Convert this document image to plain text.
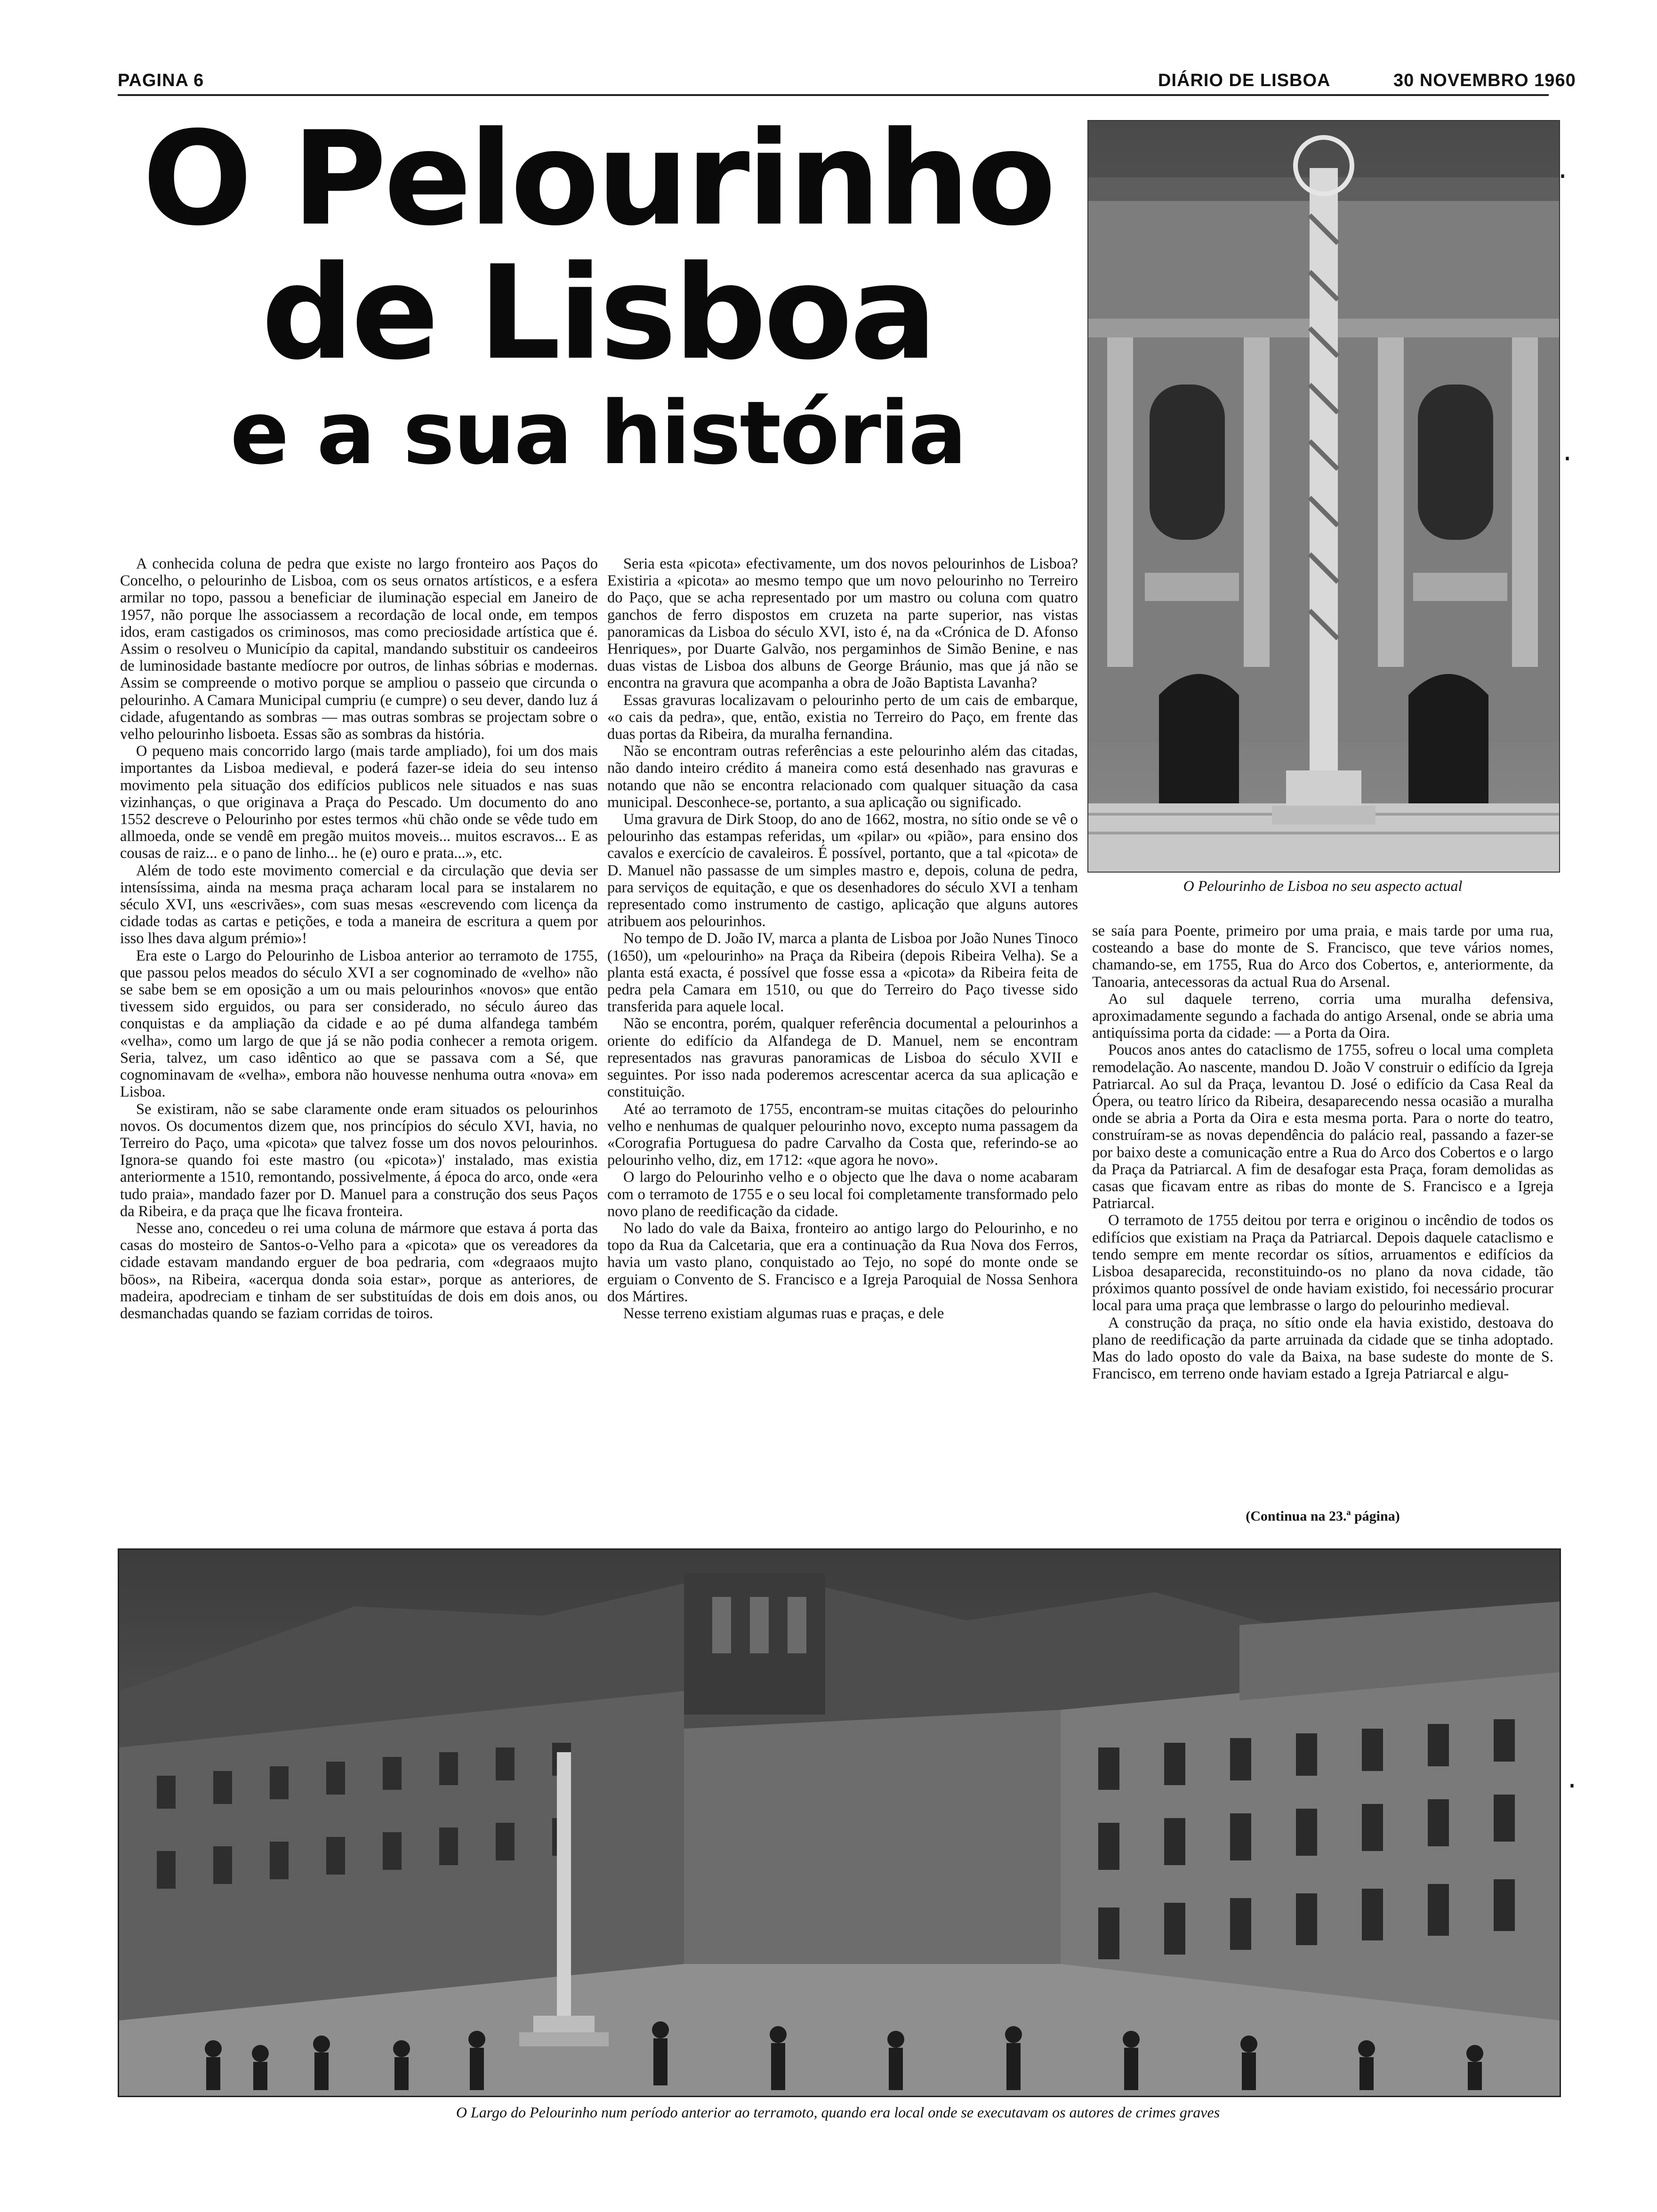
PAGINA 6	DIÁRIO DE LISBOA	30 NOVEMBRO 1960
O Pelourinho
de Lisboa
e a sua história
O Pelourinho de Lisboa no seu aspecto actual

A conhecida coluna de pedra que existe no largo fronteiro aos Paços do Concelho, o pelourinho de Lisboa, com os seus ornatos artísticos, e a esfera armilar no topo, passou a beneficiar de iluminação especial em Janeiro de 1957, não porque lhe associassem a recordação de local onde, em tempos idos, eram castigados os criminosos, mas como preciosidade artística que é. Assim o resolveu o Município da capital, mandando substituir os candeeiros de luminosidade bastante medíocre por outros, de linhas sóbrias e modernas. Assim se compreende o motivo porque se ampliou o passeio que circunda o pelourinho. A Camara Municipal cumpriu (e cumpre) o seu dever, dando luz á cidade, afugentando as sombras — mas outras sombras se projectam sobre o velho pelourinho lisboeta. Essas são as sombras da história.

O pequeno mais concorrido largo (mais tarde ampliado), foi um dos mais importantes da Lisboa medieval, e poderá fazer-se ideia do seu intenso movimento pela situação dos edifícios publicos nele situados e nas suas vizinhanças, o que originava a Praça do Pescado. Um documento do ano 1552 descreve o Pelourinho por estes termos «hü chão onde se vêde tudo em allmoeda, onde se vendê em pregão muitos moveis... muitos escravos... E as cousas de raiz... e o pano de linho... he (e) ouro e prata...», etc.

Além de todo este movimento comercial e da circulação que devia ser intensíssima, ainda na mesma praça acharam local para se instalarem no século XVI, uns «escrivães», com suas mesas «escrevendo com licença da cidade todas as cartas e petições, e toda a maneira de escritura a quem por isso lhes dava algum prémio»!

Era este o Largo do Pelourinho de Lisboa anterior ao terramoto de 1755, que passou pelos meados do século XVI a ser cognominado de «velho» não se sabe bem se em oposição a um ou mais pelourinhos «novos» que então tivessem sido erguidos, ou para ser considerado, no século áureo das conquistas e da ampliação da cidade e ao pé duma alfandega também «velha», como um largo de que já se não podia conhecer a remota origem. Seria, talvez, um caso idêntico ao que se passava com a Sé, que cognominavam de «velha», embora não houvesse nenhuma outra «nova» em Lisboa.

Se existiram, não se sabe claramente onde eram situados os pelourinhos novos. Os documentos dizem que, nos princípios do século XVI, havia, no Terreiro do Paço, uma «picota» que talvez fosse um dos novos pelourinhos. Ignora-se quando foi este mastro (ou «picota»)' instalado, mas existia anteriormente a 1510, remontando, possivelmente, á época do arco, onde «era tudo praia», mandado fazer por D. Manuel para a construção dos seus Paços da Ribeira, e da praça que lhe ficava fronteira.

Nesse ano, concedeu o rei uma coluna de mármore que estava á porta das casas do mosteiro de Santos-o-Velho para a «picota» que os vereadores da cidade estavam mandando erguer de boa pedraria, com «degraaos mujto bōos», na Ribeira, «acerqua donda soia estar», porque as anteriores, de madeira, apodreciam e tinham de ser substituídas de dois em dois anos, ou desmanchadas quando se faziam corridas de toiros.

Seria esta «picota» efectivamente, um dos novos pelourinhos de Lisboa? Existiria a «picota» ao mesmo tempo que um novo pelourinho no Terreiro do Paço, que se acha representado por um mastro ou coluna com quatro ganchos de ferro dispostos em cruzeta na parte superior, nas vistas panoramicas da Lisboa do século XVI, isto é, na da «Crónica de D. Afonso Henriques», por Duarte Galvão, nos pergaminhos de Simão Benine, e nas duas vistas de Lisboa dos albuns de George Bráunio, mas que já não se encontra na gravura que acompanha a obra de João Baptista Lavanha?

Essas gravuras localizavam o pelourinho perto de um cais de embarque, «o cais da pedra», que, então, existia no Terreiro do Paço, em frente das duas portas da Ribeira, da muralha fernandina.

Não se encontram outras referências a este pelourinho além das citadas, não dando inteiro crédito á maneira como está desenhado nas gravuras e notando que não se encontra relacionado com qualquer situação da casa municipal. Desconhece-se, portanto, a sua aplicação ou significado.

Uma gravura de Dirk Stoop, do ano de 1662, mostra, no sítio onde se vê o pelourinho das estampas referidas, um «pilar» ou «pião», para ensino dos cavalos e exercício de cavaleiros. É possível, portanto, que a tal «picota» de D. Manuel não passasse de um simples mastro e, depois, coluna de pedra, para serviços de equitação, e que os desenhadores do século XVI a tenham representado como instrumento de castigo, aplicação que alguns autores atribuem aos pelourinhos.

No tempo de D. João IV, marca a planta de Lisboa por João Nunes Tinoco (1650), um «pelourinho» na Praça da Ribeira (depois Ribeira Velha). Se a planta está exacta, é possível que fosse essa a «picota» da Ribeira feita de pedra pela Camara em 1510, ou que do Terreiro do Paço tivesse sido transferida para aquele local.

Não se encontra, porém, qualquer referência documental a pelourinhos a oriente do edifício da Alfandega de D. Manuel, nem se encontram representados nas gravuras panoramicas de Lisboa do século XVII e seguintes. Por isso nada poderemos acrescentar acerca da sua aplicação e constituição.

Até ao terramoto de 1755, encontram-se muitas citações do pelourinho velho e nenhumas de qualquer pelourinho novo, excepto numa passagem da «Corografia Portuguesa do padre Carvalho da Costa que, referindo-se ao pelourinho velho, diz, em 1712: «que agora he novo».

O largo do Pelourinho velho e o objecto que lhe dava o nome acabaram com o terramoto de 1755 e o seu local foi completamente transformado pelo novo plano de reedificação da cidade.

No lado do vale da Baixa, fronteiro ao antigo largo do Pelourinho, e no topo da Rua da Calcetaria, que era a continuação da Rua Nova dos Ferros, havia um vasto plano, conquistado ao Tejo, no sopé do monte onde se erguiam o Convento de S. Francisco e a Igreja Paroquial de Nossa Senhora dos Mártires.

Nesse terreno existiam algumas ruas e praças, e dele

se saía para Poente, primeiro por uma praia, e mais tarde por uma rua, costeando a base do monte de S. Francisco, que teve vários nomes, chamando-se, em 1755, Rua do Arco dos Cobertos, e, anteriormente, da Tanoaria, antecessoras da actual Rua do Arsenal.

Ao sul daquele terreno, corria uma muralha defensiva, aproximadamente segundo a fachada do antigo Arsenal, onde se abria uma antiquíssima porta da cidade: — a Porta da Oira.

Poucos anos antes do cataclismo de 1755, sofreu o local uma completa remodelação. Ao nascente, mandou D. João V construir o edifício da Igreja Patriarcal. Ao sul da Praça, levantou D. José o edifício da Casa Real da Ópera, ou teatro lírico da Ribeira, desaparecendo nessa ocasião a muralha onde se abria a Porta da Oira e esta mesma porta. Para o norte do teatro, construíram-se as novas dependência do palácio real, passando a fazer-se por baixo deste a comunicação entre a Rua do Arco dos Cobertos e o largo da Praça da Patriarcal. A fim de desafogar esta Praça, foram demolidas as casas que ficavam entre as ribas do monte de S. Francisco e a Igreja Patriarcal.

O terramoto de 1755 deitou por terra e originou o incêndio de todos os edifícios que existiam na Praça da Patriarcal. Depois daquele cataclismo e tendo sempre em mente recordar os sítios, arruamentos e edifícios da Lisboa desaparecida, reconstituindo-os no plano da nova cidade, tão próximos quanto possível de onde haviam existido, foi necessário procurar local para uma praça que lembrasse o largo do pelourinho medieval.

A construção da praça, no sítio onde ela havia existido, destoava do plano de reedificação da parte arruinada da cidade que se tinha adoptado. Mas do lado oposto do vale da Baixa, na base sudeste do monte de S. Francisco, em terreno onde haviam estado a Igreja Patriarcal e algu-

(Continua na 23.ª página)
O Largo do Pelourinho num período anterior ao terramoto, quando era local onde se executavam os autores de crimes graves
·
·
·
